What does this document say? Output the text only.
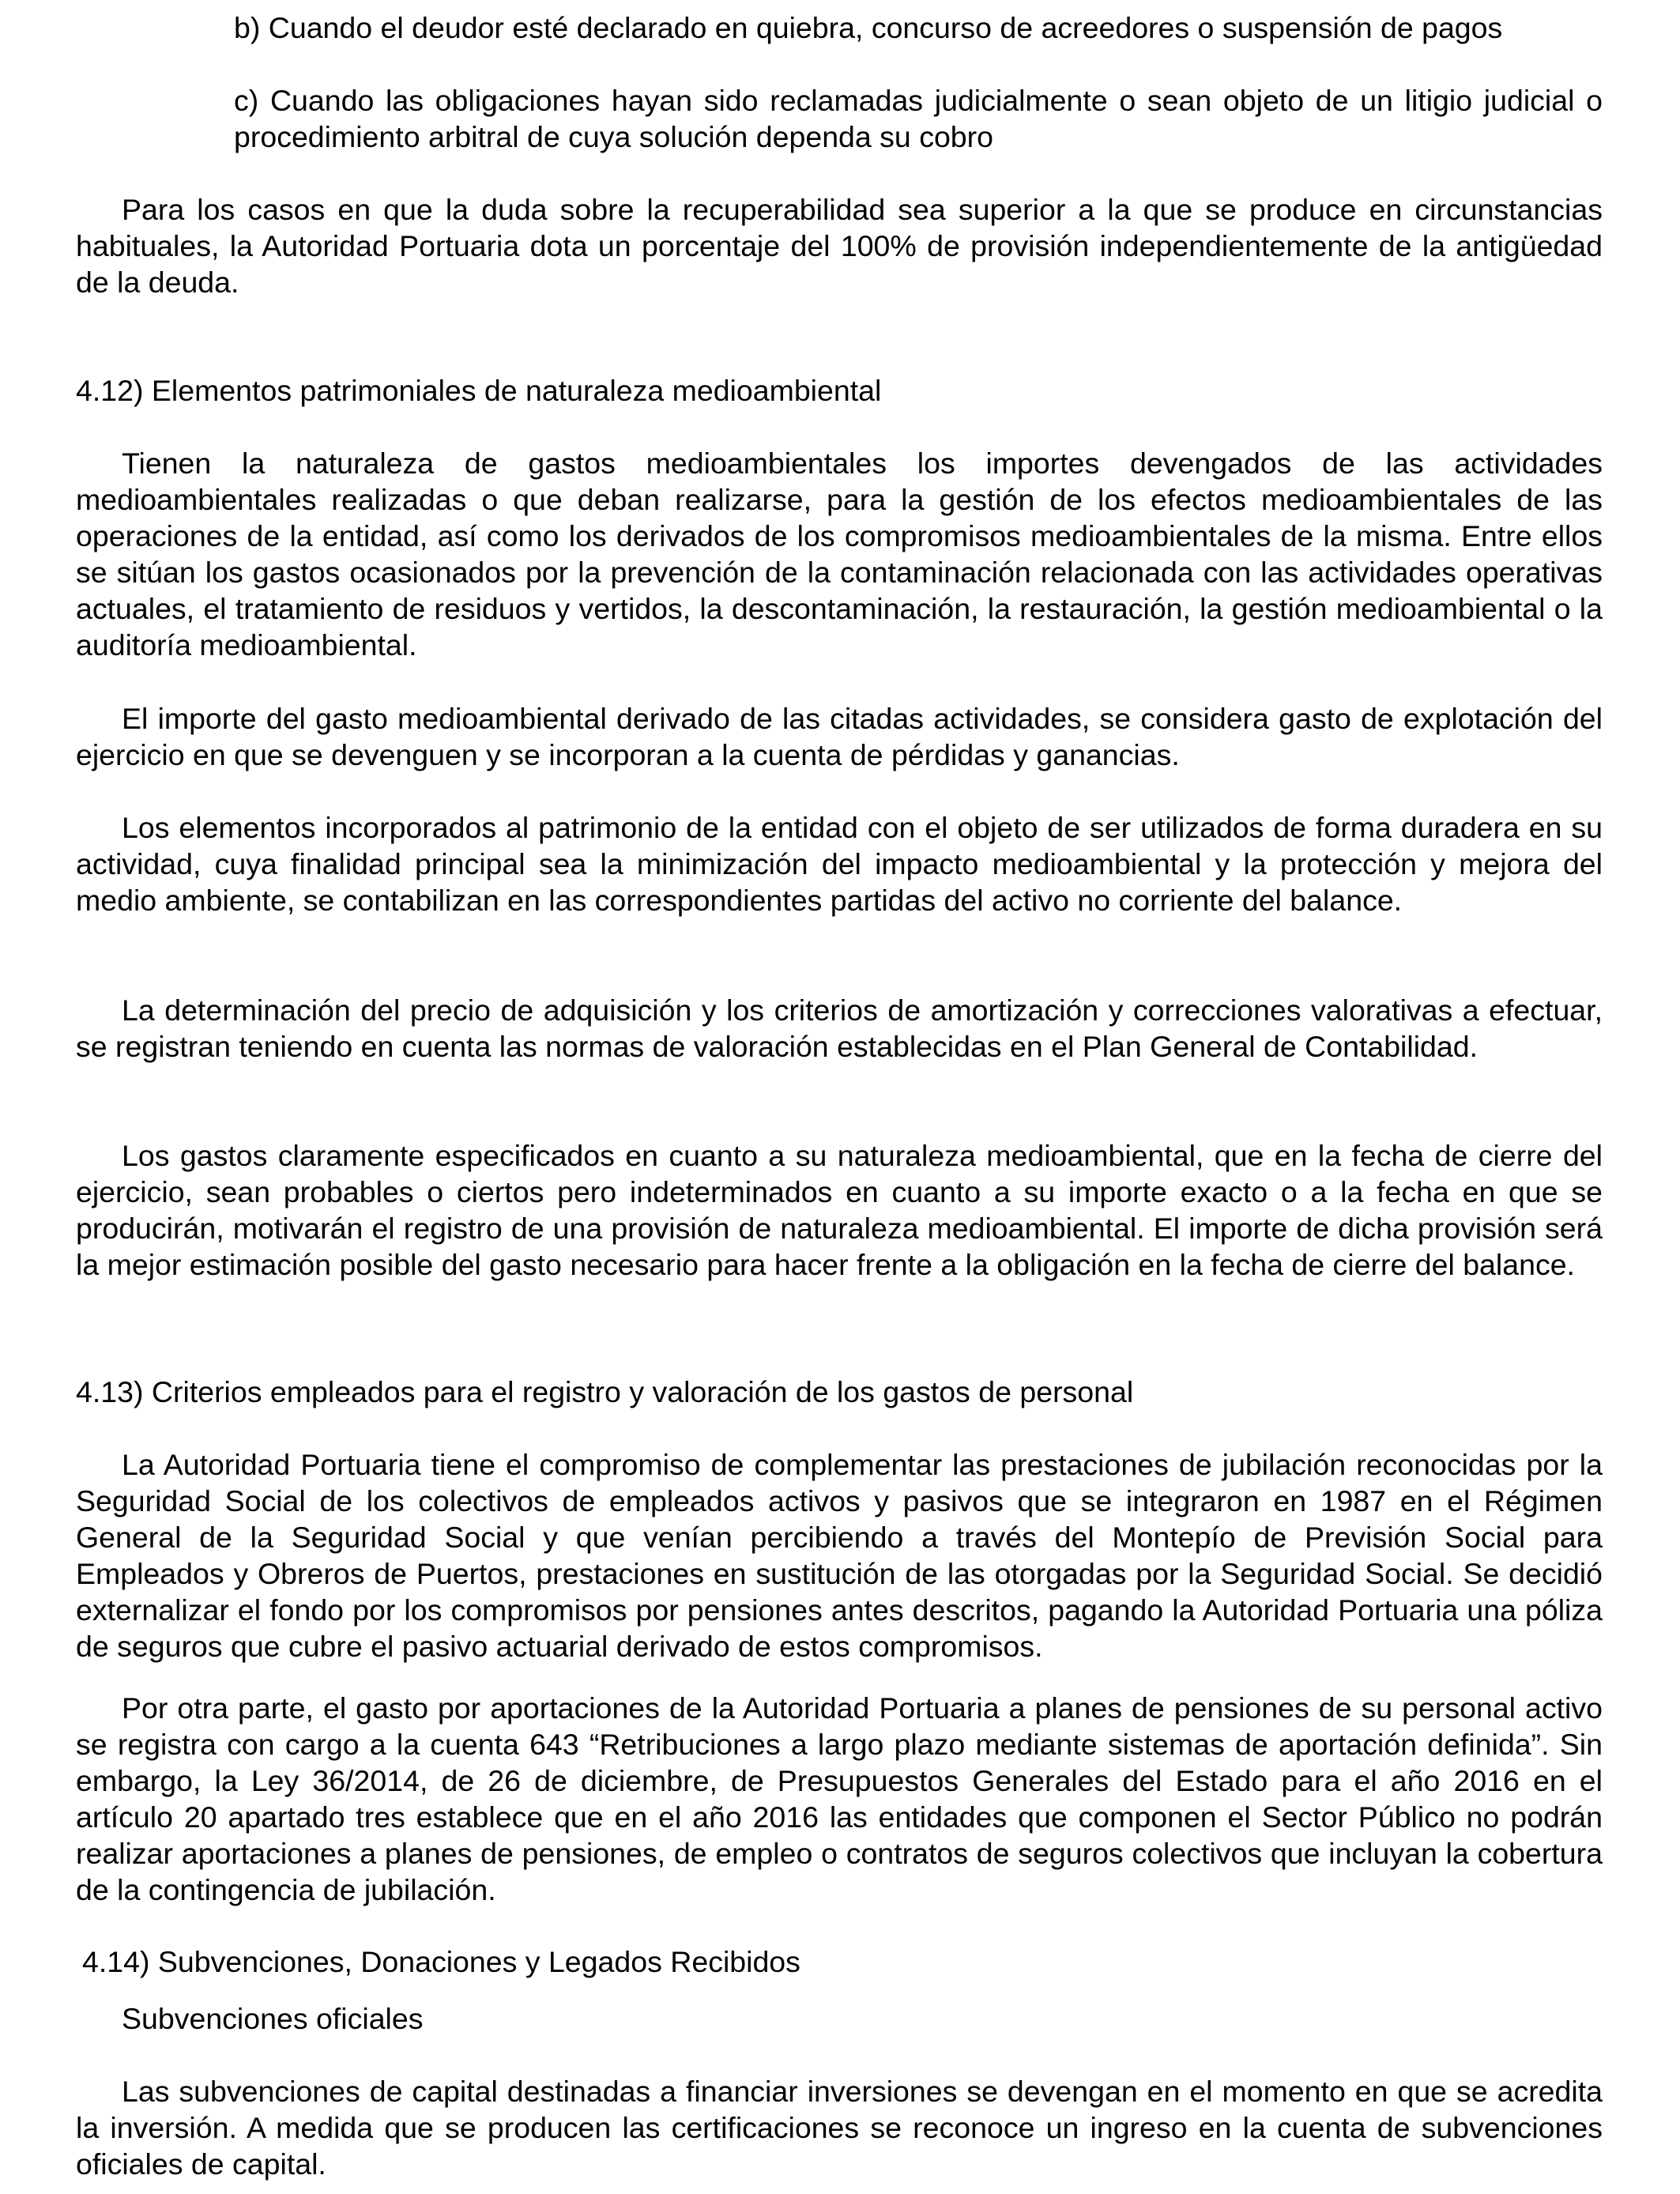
b) Cuando el deudor esté declarado en quiebra, concurso de acreedores o suspensión de pagos

c) Cuando las obligaciones hayan sido reclamadas judicialmente o sean objeto de un litigio judicial o procedimiento arbitral de cuya solución dependa su cobro

Para los casos en que la duda sobre la recuperabilidad sea superior a la que se produce en circunstancias habituales, la Autoridad Portuaria dota un porcentaje del 100% de provisión independientemente de la antigüedad de la deuda.

4.12) Elementos patrimoniales de naturaleza medioambiental

Tienen la naturaleza de gastos medioambientales los importes devengados de las actividades medioambientales realizadas o que deban realizarse, para la gestión de los efectos medioambientales de las operaciones de la entidad, así como los derivados de los compromisos medioambientales de la misma. Entre ellos se sitúan los gastos ocasionados por la prevención de la contaminación relacionada con las actividades operativas actuales, el tratamiento de residuos y vertidos, la descontaminación, la restauración, la gestión medioambiental o la auditoría medioambiental.

El importe del gasto medioambiental derivado de las citadas actividades, se considera gasto de explotación del ejercicio en que se devenguen y se incorporan a la cuenta de pérdidas y ganancias.

Los elementos incorporados al patrimonio de la entidad con el objeto de ser utilizados de forma duradera en su actividad, cuya finalidad principal sea la minimización del impacto medioambiental y la protección y mejora del medio ambiente, se contabilizan en las correspondientes partidas del activo no corriente del balance.

La determinación del precio de adquisición y los criterios de amortización y correcciones valorativas a efectuar, se registran teniendo en cuenta las normas de valoración establecidas en el Plan General de Contabilidad.

Los gastos claramente especificados en cuanto a su naturaleza medioambiental, que en la fecha de cierre del ejercicio, sean probables o ciertos pero indeterminados en cuanto a su importe exacto o a la fecha en que se producirán, motivarán el registro de una provisión de naturaleza medioambiental. El importe de dicha provisión será la mejor estimación posible del gasto necesario para hacer frente a la obligación en la fecha de cierre del balance.

4.13) Criterios empleados para el registro y valoración de los gastos de personal

La Autoridad Portuaria tiene el compromiso de complementar las prestaciones de jubilación reconocidas por la Seguridad Social de los colectivos de empleados activos y pasivos que se integraron en 1987 en el Régimen General de la Seguridad Social y que venían percibiendo a través del Montepío de Previsión Social para Empleados y Obreros de Puertos, prestaciones en sustitución de las otorgadas por la Seguridad Social. Se decidió externalizar el fondo por los compromisos por pensiones antes descritos, pagando la Autoridad Portuaria una póliza de seguros que cubre el pasivo actuarial derivado de estos compromisos.

Por otra parte, el gasto por aportaciones de la Autoridad Portuaria a planes de pensiones de su personal activo se registra con cargo a la cuenta 643 “Retribuciones a largo plazo mediante sistemas de aportación definida”. Sin embargo, la Ley 36/2014, de 26 de diciembre, de Presupuestos Generales del Estado para el año 2016 en el artículo 20 apartado tres establece que en el año 2016 las entidades que componen el Sector Público no podrán realizar aportaciones a planes de pensiones, de empleo o contratos de seguros colectivos que incluyan la cobertura de la contingencia de jubilación.

4.14) Subvenciones, Donaciones y Legados Recibidos

Subvenciones oficiales

Las subvenciones de capital destinadas a financiar inversiones se devengan en el momento en que se acredita la inversión. A medida que se producen las certificaciones se reconoce un ingreso en la cuenta de subvenciones oficiales de capital.
